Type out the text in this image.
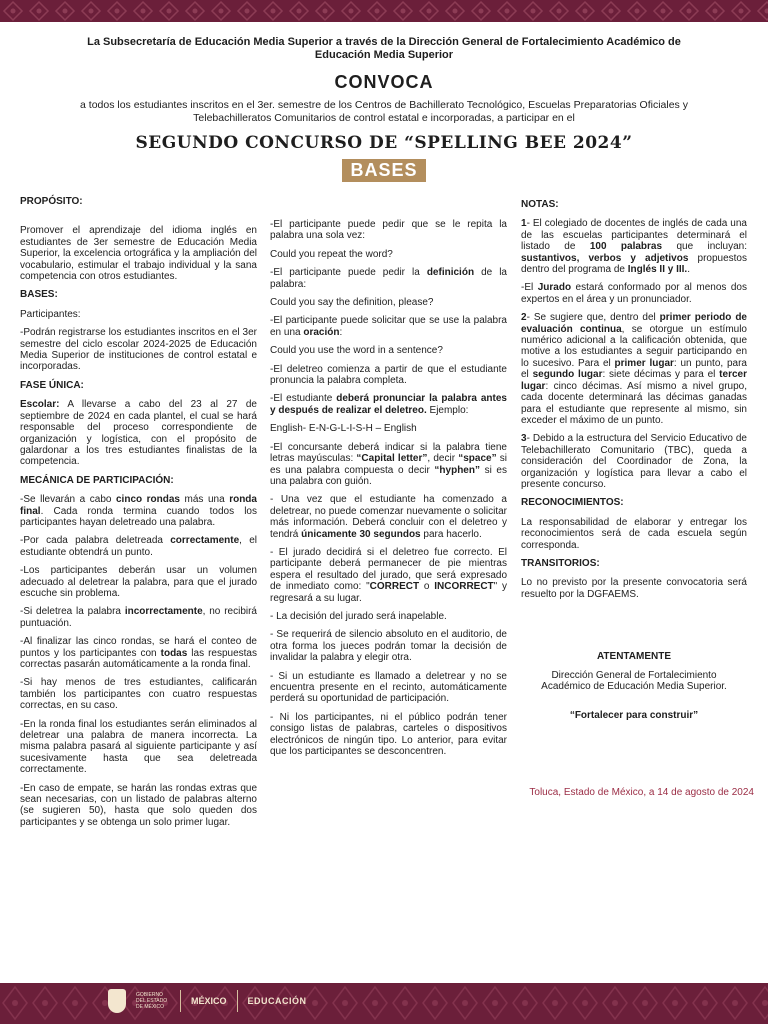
La Subsecretaría de Educación Media Superior a través de la Dirección General de Fortalecimiento Académico de Educación Media Superior
CONVOCA
a todos los estudiantes inscritos en el 3er. semestre de los Centros de Bachillerato Tecnológico, Escuelas Preparatorias Oficiales y Telebachilleratos Comunitarios de control estatal e incorporadas, a participar en el
SEGUNDO CONCURSO DE “SPELLING BEE 2024”
BASES

PROPÓSITO:

Promover el aprendizaje del idioma inglés en estudiantes de 3er semestre de Educación Media Superior, la excelencia ortográfica y la ampliación del vocabulario, estimular el trabajo individual y la sana competencia con otros estudiantes.

BASES:

Participantes:

-Podrán registrarse los estudiantes inscritos en el 3er semestre del ciclo escolar 2024-2025 de Educación Media Superior de instituciones de control estatal e incorporadas.

FASE ÚNICA:

Escolar: A llevarse a cabo del 23 al 27 de septiembre de 2024 en cada plantel, el cual se hará responsable del proceso correspondiente de organización y logística, con el propósito de galardonar a los tres estudiantes finalistas de la competencia.

MECÁNICA DE PARTICIPACIÓN:

-Se llevarán a cabo cinco rondas más una ronda final. Cada ronda termina cuando todos los participantes hayan deletreado una palabra.

-Por cada palabra deletreada correctamente, el estudiante obtendrá un punto.

-Los participantes deberán usar un volumen adecuado al deletrear la palabra, para que el jurado escuche sin problema.

-Si deletrea la palabra incorrectamente, no recibirá puntuación.

-Al finalizar las cinco rondas, se hará el conteo de puntos y los participantes con todas las respuestas correctas pasarán automáticamente a la ronda final.

-Si hay menos de tres estudiantes, calificarán también los participantes con cuatro respuestas correctas, en su caso.

-En la ronda final los estudiantes serán eliminados al deletrear una palabra de manera incorrecta. La misma palabra pasará al siguiente participante y así sucesivamente hasta que sea deletreada correctamente.

-En caso de empate, se harán las rondas extras que sean necesarias, con un listado de palabras alterno (se sugieren 50), hasta que solo queden dos participantes y se obtenga un solo primer lugar.

-El participante puede pedir que se le repita la palabra una sola vez:

Could you repeat the word?

-El participante puede pedir la definición de la palabra:

Could you say the definition, please?

-El participante puede solicitar que se use la palabra en una oración:

Could you use the word in a sentence?

-El deletreo comienza a partir de que el estudiante pronuncia la palabra completa.

-El estudiante deberá pronunciar la palabra antes y después de realizar el deletreo. Ejemplo:

English- E-N-G-L-I-S-H – English

-El concursante deberá indicar si la palabra tiene letras mayúsculas: “Capital letter”, decir “space” si es una palabra compuesta o decir “hyphen” si es una palabra con guión.

- Una vez que el estudiante ha comenzado a deletrear, no puede comenzar nuevamente o solicitar más información. Deberá concluir con el deletreo y tendrá únicamente 30 segundos para hacerlo.

- El jurado decidirá si el deletreo fue correcto. El participante deberá permanecer de pie mientras espera el resultado del jurado, que será expresado de inmediato como: "CORRECT o INCORRECT" y regresará a su lugar.

- La decisión del jurado será inapelable.

- Se requerirá de silencio absoluto en el auditorio, de otra forma los jueces podrán tomar la decisión de invalidar la palabra y elegir otra.

- Si un estudiante es llamado a deletrear y no se encuentra presente en el recinto, automáticamente perderá su oportunidad de participación.

- Ni los participantes, ni el público podrán tener consigo listas de palabras, carteles o dispositivos electrónicos de ningún tipo. Lo anterior, para evitar que los participantes se desconcentren.

NOTAS:

1- El colegiado de docentes de inglés de cada una de las escuelas participantes determinará el listado de 100 palabras que incluyan: sustantivos, verbos y adjetivos propuestos dentro del programa de Inglés II y III..

-El Jurado estará conformado por al menos dos expertos en el área y un pronunciador.

2- Se sugiere que, dentro del primer periodo de evaluación continua, se otorgue un estímulo numérico adicional a la calificación obtenida, que motive a los estudiantes a seguir participando en lo sucesivo. Para el primer lugar: un punto, para el segundo lugar: siete décimas y para el tercer lugar: cinco décimas. Así mismo a nivel grupo, cada docente determinará las décimas ganadas para el estudiante que represente al mismo, sin exceder el máximo de un punto.

3- Debido a la estructura del Servicio Educativo de Telebachillerato Comunitario (TBC), queda a consideración del Coordinador de Zona, la organización y logística para llevar a cabo el presente concurso.

RECONOCIMIENTOS:

La responsabilidad de elaborar y entregar los reconocimientos será de cada escuela según corresponda.

TRANSITORIOS:

Lo no previsto por la presente convocatoria será resuelto por la DGFAEMS.

ATENTAMENTE

Dirección General de Fortalecimiento Académico de Educación Media Superior.

“Fortalecer para construir”

Toluca, Estado de México, a 14 de agosto de 2024

GOBIERNO DEL ESTADO DE MÉXICO
MÉXICO EDUCACIÓN
